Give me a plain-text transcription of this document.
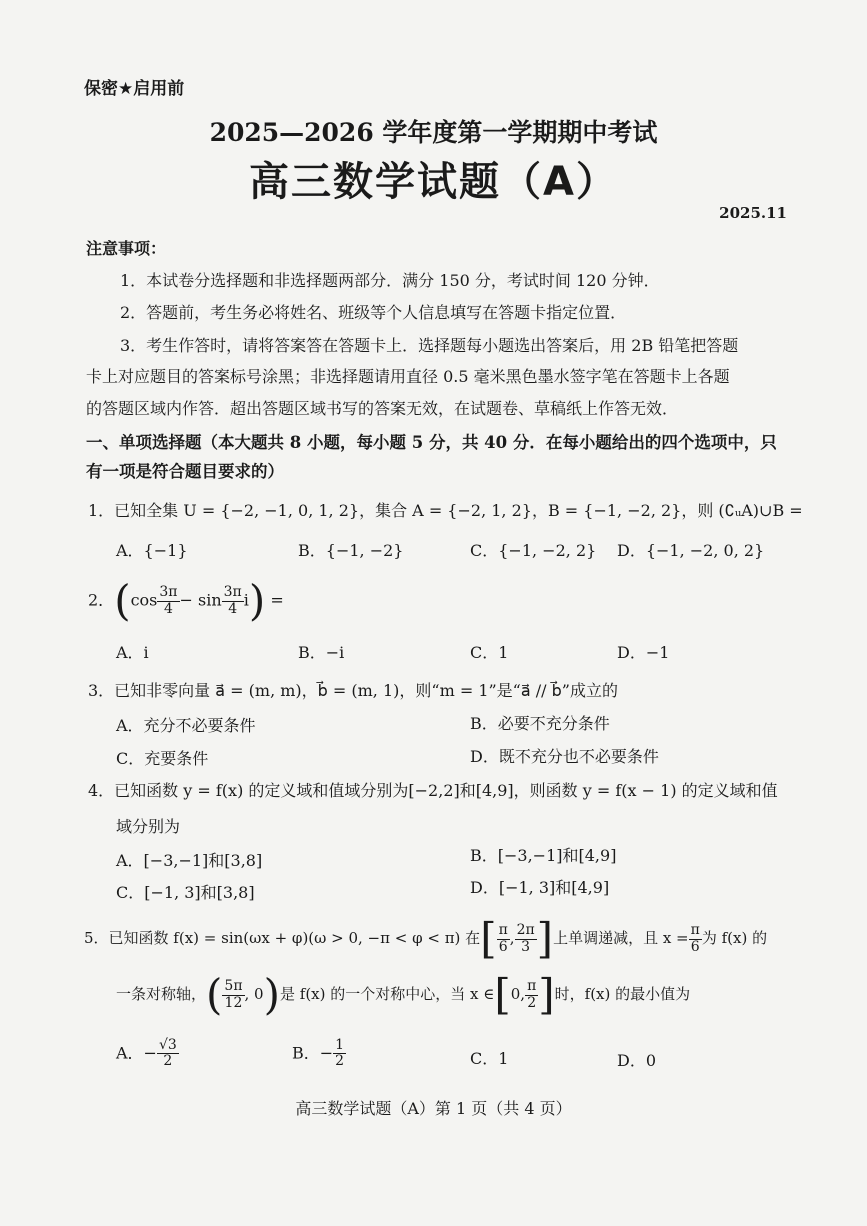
保密★启用前
2025—2026 学年度第一学期期中考试
高三数学试题（A）
2025.11
注意事项：
1．本试卷分选择题和非选择题两部分．满分 150 分，考试时间 120 分钟．
2．答题前，考生务必将姓名、班级等个人信息填写在答题卡指定位置．
3．考生作答时，请将答案答在答题卡上．选择题每小题选出答案后，用 2B 铅笔把答题
卡上对应题目的答案标号涂黑；非选择题请用直径 0.5 毫米黑色墨水签字笔在答题卡上各题
的答题区域内作答．超出答题区域书写的答案无效，在试题卷、草稿纸上作答无效．
一、单项选择题（本大题共 8 小题，每小题 5 分，共 40 分．在每小题给出的四个选项中，只有一项是符合题目要求的）
1．已知全集 U = {−2, −1, 0, 1, 2}，集合 A = {−2, 1, 2}，B = {−1, −2, 2}，则 (∁ᵤA)∪B =
A．{−1}	B．{−1, −2}	C．{−1, −2, 2} D．{−1, −2, 0, 2}
2．$(\cos \frac{3\pi}{4} - \sin \frac{3\pi}{4} i)$ =
A．i	B．−i	C．1	D．−1
3．已知非零向量 a⃗ = (m, m)，b⃗ = (m, 1)，则“m = 1”是“a⃗ // b⃗”成立的
A．充分不必要条件	B．必要不充分条件
C．充要条件	D．既不充分也不必要条件
4．已知函数 y = f(x) 的定义域和值域分别为[−2,2]和[4,9]，则函数 y = f(x − 1) 的定义域和值
域分别为
A．[−3,−1]和[3,8]	B．[−3,−1]和[4,9]
C．[−1, 3]和[3,8]	D．[−1, 3]和[4,9]
5．已知函数 f(x) = sin(ωx + φ)(ω > 0, −π < φ < π) 在[ $\frac{\pi}{6}$ , $\frac{2\pi}{3}$ ]上单调递减，且 $x = \frac{\pi}{6}$ 为 f(x) 的
一条对称轴，( $\frac{5\pi}{12}$ , 0)是 f(x) 的一个对称中心，当 x ∈[0, $\frac{\pi}{2}$ ]时，f(x) 的最小值为
A．− $\frac{√3}{2}$	B．− $\frac{1}{2}$	C．1	D．0
高三数学试题（A）第 1 页（共 4 页）
